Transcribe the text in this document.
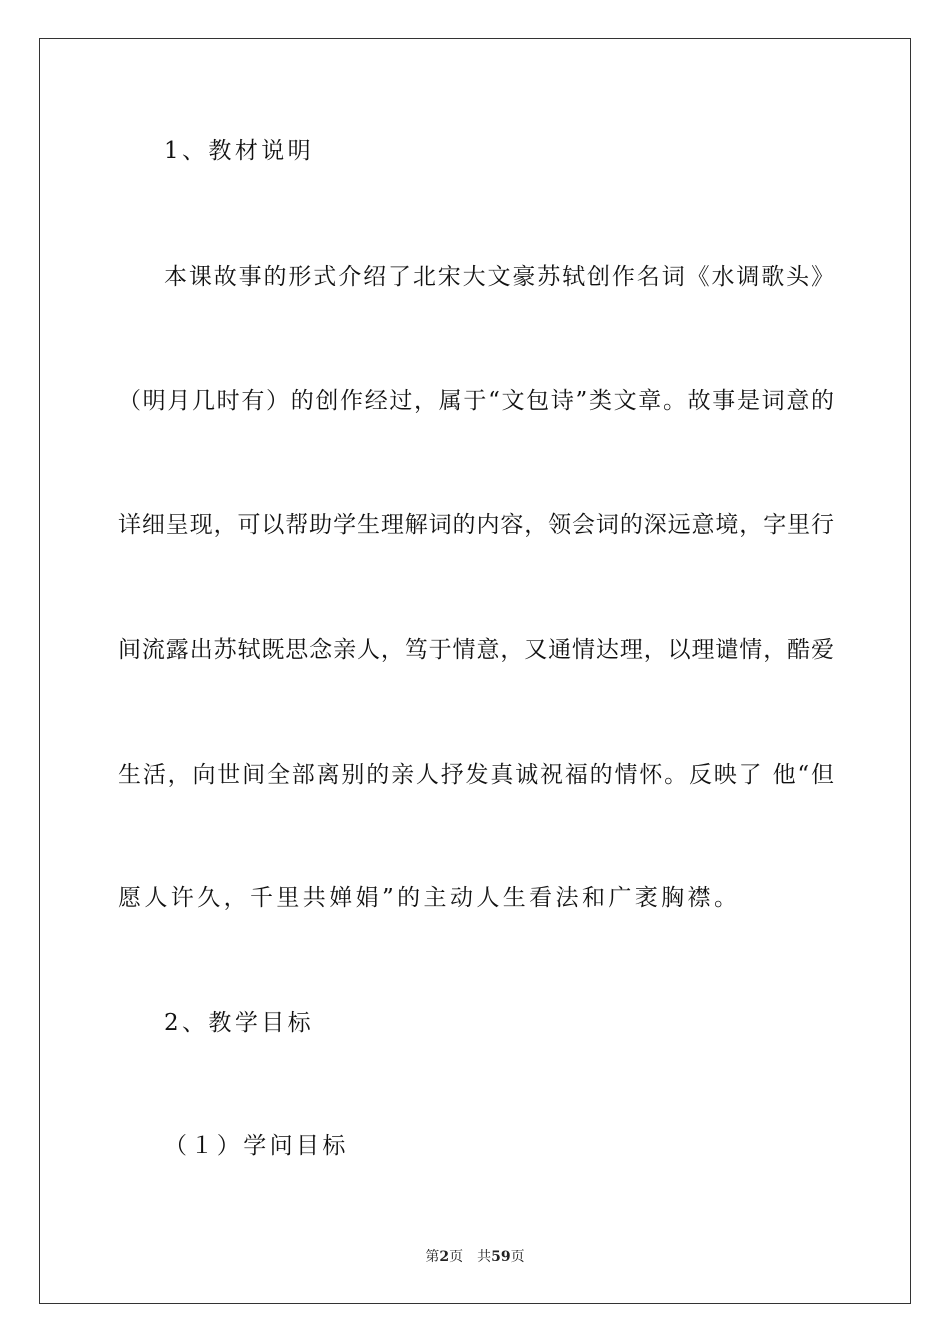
1、教材说明
本课故事的形式介绍了北宋大文豪苏轼创作名词《水调歌头》
（明月几时有）的创作经过，属于“文包诗”类文章。故事是词意的
详细呈现，可以帮助学生理解词的内容，领会词的深远意境，字里行
间流露出苏轼既思念亲人，笃于情意，又通情达理，以理谴情，酷爱
生活，向世间全部离别的亲人抒发真诚祝福的情怀。反映了 他“但
愿人许久，千里共婵娟”的主动人生看法和广袤胸襟。
2、教学目标
（１）学问目标
第2页 共59页
